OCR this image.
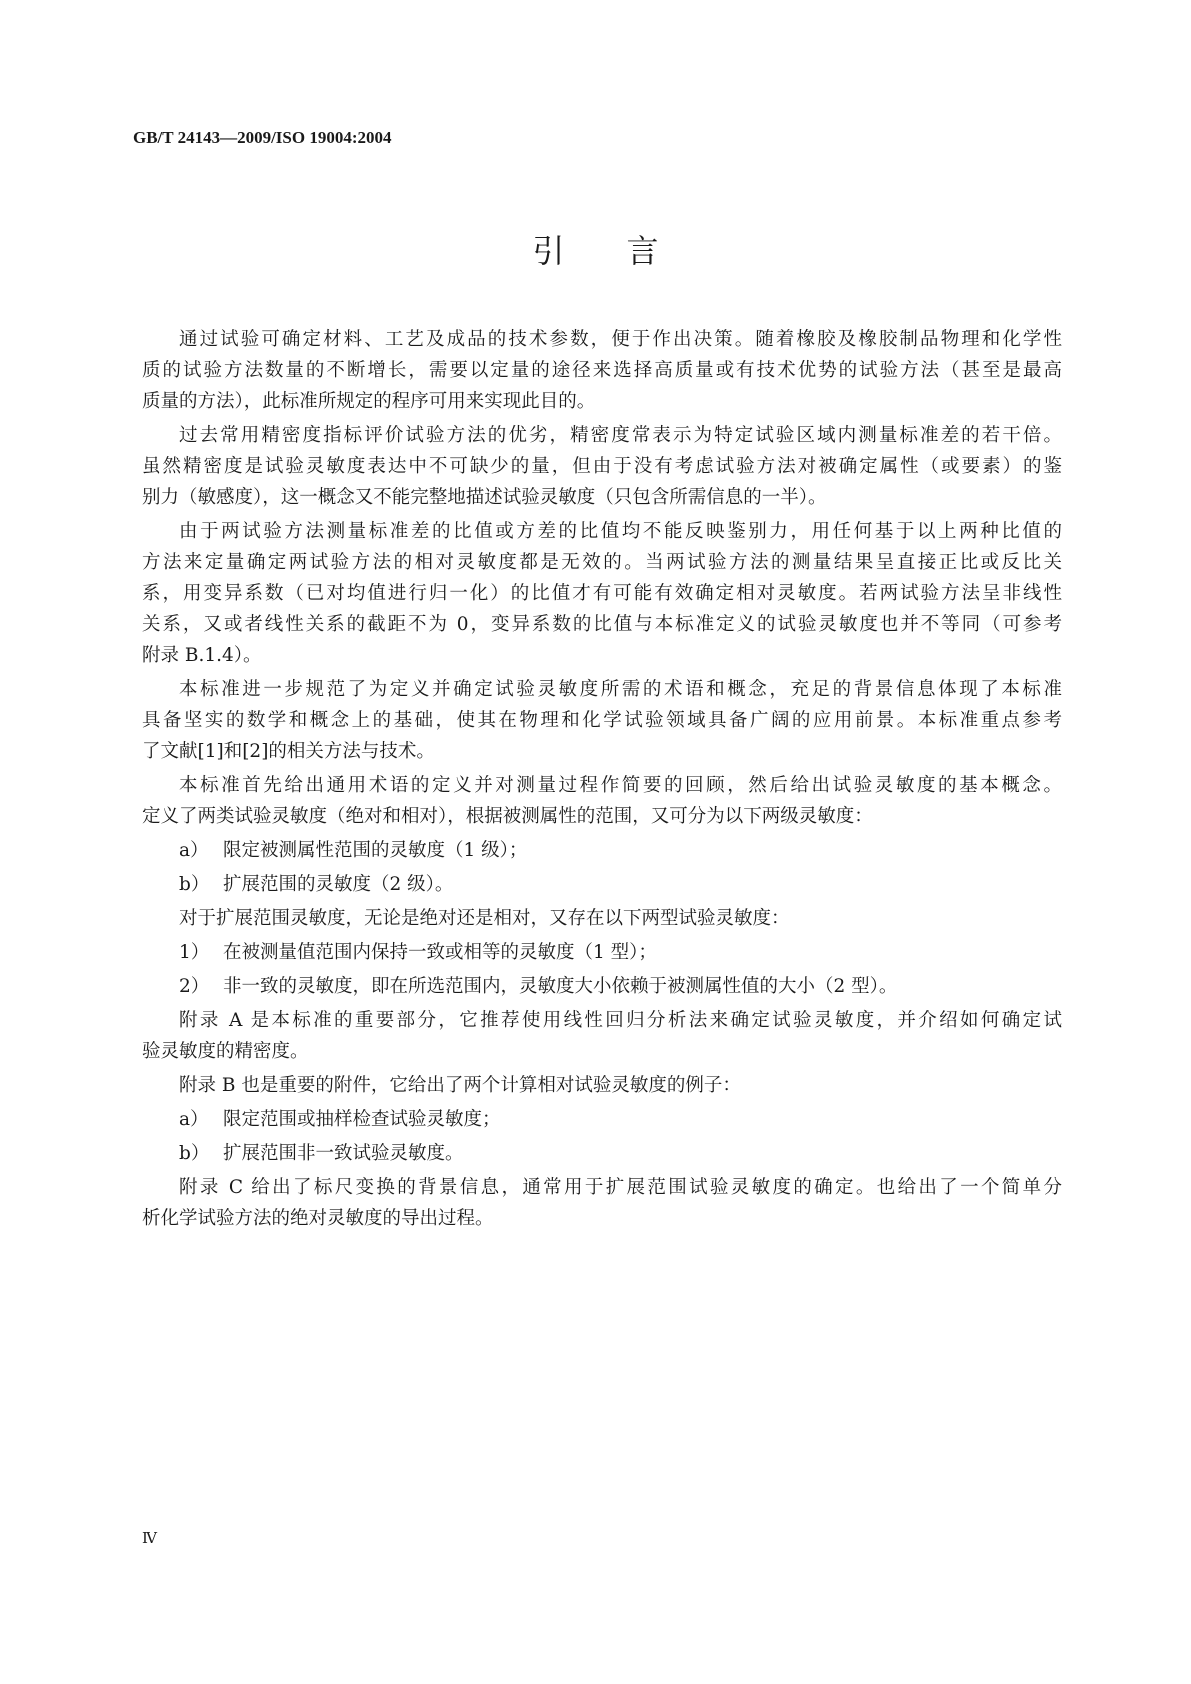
GB/T 24143—2009/ISO 19004:2004

引言

通过试验可确定材料、工艺及成品的技术参数，便于作出决策。随着橡胶及橡胶制品物理和化学性

质的试验方法数量的不断增长，需要以定量的途径来选择高质量或有技术优势的试验方法（甚至是最高

质量的方法），此标准所规定的程序可用来实现此目的。

过去常用精密度指标评价试验方法的优劣，精密度常表示为特定试验区域内测量标准差的若干倍。

虽然精密度是试验灵敏度表达中不可缺少的量，但由于没有考虑试验方法对被确定属性（或要素）的鉴

别力（敏感度），这一概念又不能完整地描述试验灵敏度（只包含所需信息的一半）。

由于两试验方法测量标准差的比值或方差的比值均不能反映鉴别力，用任何基于以上两种比值的

方法来定量确定两试验方法的相对灵敏度都是无效的。当两试验方法的测量结果呈直接正比或反比关

系，用变异系数（已对均值进行归一化）的比值才有可能有效确定相对灵敏度。若两试验方法呈非线性

关系，又或者线性关系的截距不为 0，变异系数的比值与本标准定义的试验灵敏度也并不等同（可参考

附录 B.1.4）。

本标准进一步规范了为定义并确定试验灵敏度所需的术语和概念，充足的背景信息体现了本标准

具备坚实的数学和概念上的基础，使其在物理和化学试验领域具备广阔的应用前景。本标准重点参考

了文献[1]和[2]的相关方法与技术。

本标准首先给出通用术语的定义并对测量过程作简要的回顾，然后给出试验灵敏度的基本概念。

定义了两类试验灵敏度（绝对和相对），根据被测属性的范围，又可分为以下两级灵敏度：

a） 限定被测属性范围的灵敏度（1 级）；

b） 扩展范围的灵敏度（2 级）。

对于扩展范围灵敏度，无论是绝对还是相对，又存在以下两型试验灵敏度：

1） 在被测量值范围内保持一致或相等的灵敏度（1 型）；

2） 非一致的灵敏度，即在所选范围内，灵敏度大小依赖于被测属性值的大小（2 型）。

附录 A 是本标准的重要部分，它推荐使用线性回归分析法来确定试验灵敏度，并介绍如何确定试

验灵敏度的精密度。

附录 B 也是重要的附件，它给出了两个计算相对试验灵敏度的例子：

a） 限定范围或抽样检查试验灵敏度；

b） 扩展范围非一致试验灵敏度。

附录 C 给出了标尺变换的背景信息，通常用于扩展范围试验灵敏度的确定。也给出了一个简单分

析化学试验方法的绝对灵敏度的导出过程。

Ⅳ
